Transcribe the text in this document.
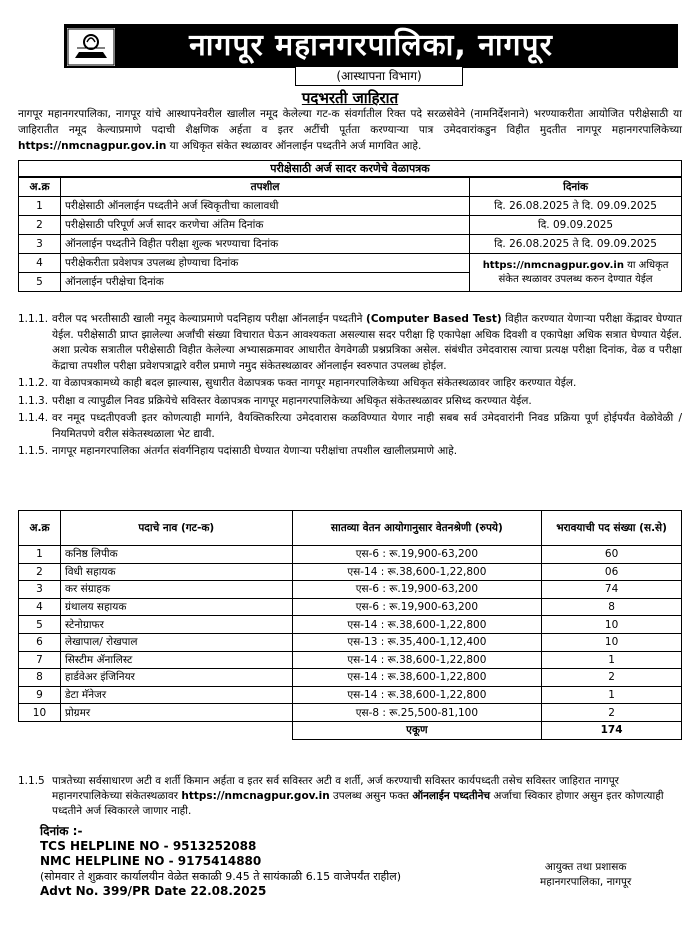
नागपूर महानगरपालिका, नागपूर
(आस्थापना विभाग)
पदभरती जाहिरात
नागपूर महानगरपालिका, नागपूर यांचे आस्थापनेवरील खालील नमूद केलेल्या गट-क संवर्गातील रिक्त पदे सरळसेवेने (नामनिर्देशनाने) भरण्याकरीता आयोजित परीक्षेसाठी या जाहिरातीत नमूद केल्याप्रमाणे पदाची शैक्षणिक अर्हता व इतर अटींची पूर्तता करण्याऱ्या पात्र उमेदवारांकडुन विहीत मुदतीत नागपूर महानगरपालिकेच्या https://nmcnagpur.gov.in या अधिकृत संकेत स्थळावर ऑनलाईन पध्दतीने अर्ज मागवित आहे.
परीक्षेसाठी अर्ज सादर करणेचे वेळापत्रक
अ.क्र	तपशील	दिनांक
1	परीक्षेसाठी ऑनलाईन पध्दतीने अर्ज स्विकृतीचा कालावधी	दि. 26.08.2025 ते दि. 09.09.2025
2	परीक्षेसाठी परिपूर्ण अर्ज सादर करणेचा अंतिम दिनांक	दि. 09.09.2025
3	ऑनलाईन पध्दतीने विहीत परीक्षा शुल्क भरण्याचा दिनांक	दि. 26.08.2025 ते दि. 09.09.2025
4	परीक्षेकरीता प्रवेशपत्र उपलब्ध होण्याचा दिनांक	https://nmcnagpur.gov.in या अधिकृत संकेत स्थळावर उपलब्ध करुन देण्यात येईल
5	ऑनलाईन परीक्षेचा दिनांक	
1.1.1. वरील पद भरतीसाठी खाली नमूद केल्याप्रमाणे पदनिहाय परीक्षा ऑनलाईन पध्दतीने (Computer Based Test) विहीत करण्यात येणाऱ्या परीक्षा केंद्रावर घेण्यात येईल. परीक्षेसाठी प्राप्त झालेल्या अर्जांची संख्या विचारात घेऊन आवश्यकता असल्यास सदर परीक्षा हि एकापेक्षा अधिक दिवशी व एकापेक्षा अधिक सत्रात घेण्यात येईल. अशा प्रत्येक सत्रातील परीक्षेसाठी विहीत केलेल्या अभ्यासक्रमावर आधारीत वेगवेगळी प्रश्नप्रत्रिका असेल. संबंधीत उमेदवारास त्याचा प्रत्यक्ष परीक्षा दिनांक, वेळ व परीक्षा केंद्राचा तपशील परीक्षा प्रवेशपत्राद्वारे वरील प्रमाणे नमुद संकेतस्थळावर ऑनलाईन स्वरुपात उपलब्ध होईल.
1.1.2. या वेळापत्रकामध्ये काही बदल झाल्यास, सुधारीत वेळापत्रक फक्त नागपूर महानगरपालिकेच्या अधिकृत संकेतस्थळावर जाहिर करण्यात येईल.
1.1.3. परीक्षा व त्यापुढील निवड प्रक्रियेचे सविस्तर वेळापत्रक नागपूर महानगरपालिकेच्या अधिकृत संकेतस्थळावर प्रसिध्द करण्यात येईल.
1.1.4. वर नमूद पध्दतीएवजी इतर कोणत्याही मार्गाने, वैयक्तिकरित्या उमेदवारास कळविण्यात येणार नाही सबब सर्व उमेदवारांनी निवड प्रक्रिया पूर्ण होईपर्यंत वेळोवेळी / नियमितपणे वरील संकेतस्थळाला भेट द्यावी.
1.1.5. नागपूर महानगरपालिका अंतर्गत संवर्गनिहाय पदांसाठी घेण्यात येणाऱ्या परीक्षांचा तपशील खालीलप्रमाणे आहे.
अ.क्र	पदाचे नाव (गट-क)	सातव्या वेतन आयोगानुसार वेतनश्रेणी (रुपये)	भरावयाची पद संख्या (स.से)
1	कनिष्ठ लिपीक	एस-6 : रू.19,900-63,200	60
2	विधी सहायक	एस-14 : रू.38,600-1,22,800	06
3	कर संग्राहक	एस-6 : रू.19,900-63,200	74
4	ग्रंथालय सहायक	एस-6 : रू.19,900-63,200	8
5	स्टेनोग्राफर	एस-14 : रू.38,600-1,22,800	10
6	लेखापाल/ रोखपाल	एस-13 : रू.35,400-1,12,400	10
7	सिस्टीम ॲनालिस्ट	एस-14 : रू.38,600-1,22,800	1
8	हार्डवेअर इंजिनियर	एस-14 : रू.38,600-1,22,800	2
9	डेटा मॅनेजर	एस-14 : रू.38,600-1,22,800	1
10	प्रोग्रमर	एस-8 : रू.25,500-81,100	2
		एकूण	174
1.1.5 पात्रतेच्या सर्वसाधारण अटी व शर्ती किमान अर्हता व इतर सर्व सविस्तर अटी व शर्ती, अर्ज करण्याची सविस्तर कार्यपध्दती तसेच सविस्तर जाहिरात नागपूर महानगरपालिकेच्या संकेतस्थळावर https://nmcnagpur.gov.in उपलब्ध असुन फक्त ऑनलाईन पध्दतीनेच अर्जाचा स्विकार होणार असुन इतर कोणत्याही पध्दतीने अर्ज स्विकारले जाणार नाही.
दिनांक :-
TCS HELPLINE NO - 9513252088
NMC HELPLINE NO - 9175414880
(सोमवार ते शुक्रवार कार्यालयीन वेळेत सकाळी 9.45 ते सायंकाळी 6.15 वाजेपर्यंत राहील)
Advt No. 399/PR Date 22.08.2025
आयुक्त तथा प्रशासक
महानगरपालिका, नागपूर
